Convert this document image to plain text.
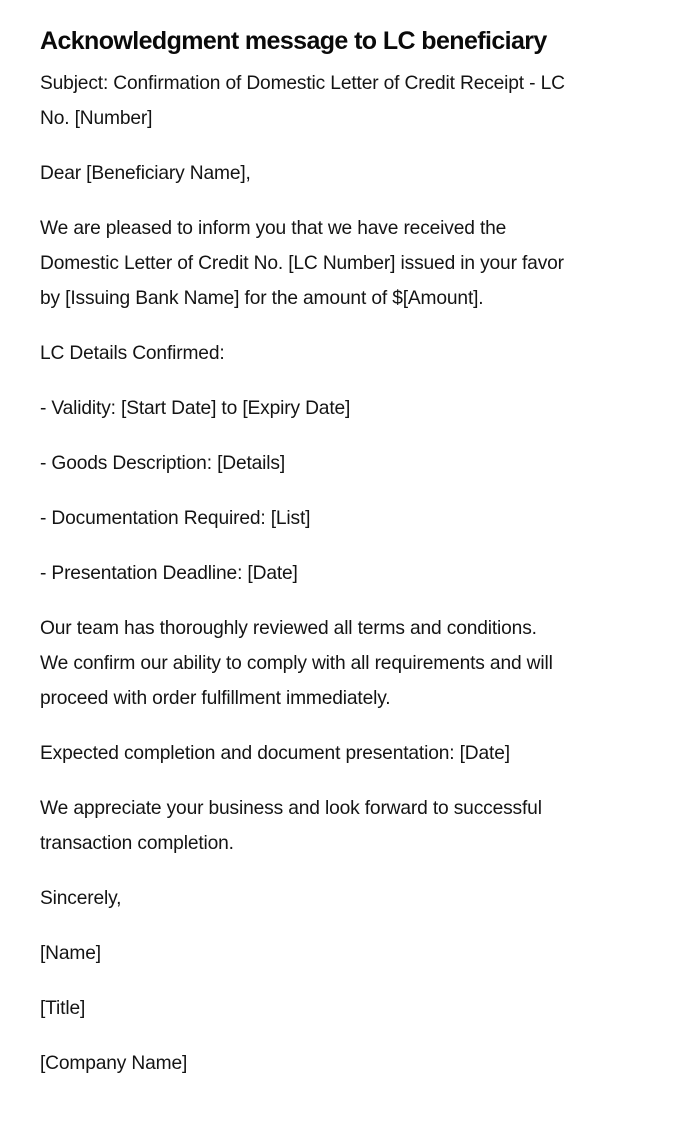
Acknowledgment message to LC beneficiary

Subject: Confirmation of Domestic Letter of Credit Receipt - LC
No. [Number]

Dear [Beneficiary Name],

We are pleased to inform you that we have received the
Domestic Letter of Credit No. [LC Number] issued in your favor
by [Issuing Bank Name] for the amount of $[Amount].

LC Details Confirmed:

- Validity: [Start Date] to [Expiry Date]

- Goods Description: [Details]

- Documentation Required: [List]

- Presentation Deadline: [Date]

Our team has thoroughly reviewed all terms and conditions.
We confirm our ability to comply with all requirements and will
proceed with order fulfillment immediately.

Expected completion and document presentation: [Date]

We appreciate your business and look forward to successful
transaction completion.

Sincerely,

[Name]

[Title]

[Company Name]
